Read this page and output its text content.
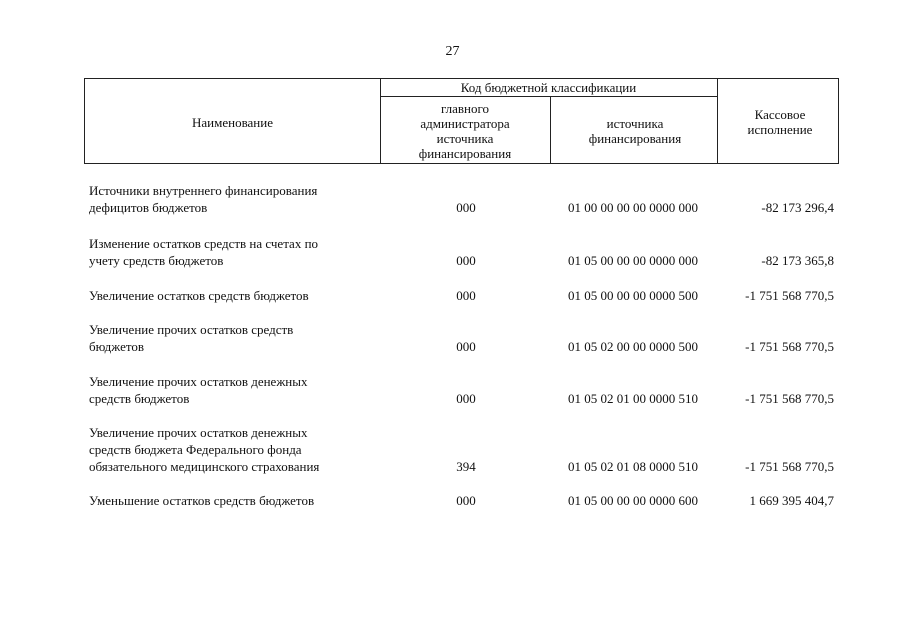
27
Наименование
Код бюджетной классификации
главного администратора источника финансирования
источника финансирования
Кассовое исполнение
Источники внутреннего финансирования
дефицитов бюджетов	000	01 00 00 00 00 0000 000	-82 173 296,4
Изменение остатков средств на счетах по
учету средств бюджетов	000	01 05 00 00 00 0000 000	-82 173 365,8
Увеличение остатков средств бюджетов	000	01 05 00 00 00 0000 500	-1 751 568 770,5
Увеличение прочих остатков средств
бюджетов	000	01 05 02 00 00 0000 500	-1 751 568 770,5
Увеличение прочих остатков денежных
средств бюджетов	000	01 05 02 01 00 0000 510	-1 751 568 770,5
Увеличение прочих остатков денежных
средств бюджета Федерального фонда
обязательного медицинского страхования	394	01 05 02 01 08 0000 510	-1 751 568 770,5
Уменьшение остатков средств бюджетов	000	01 05 00 00 00 0000 600	1 669 395 404,7
